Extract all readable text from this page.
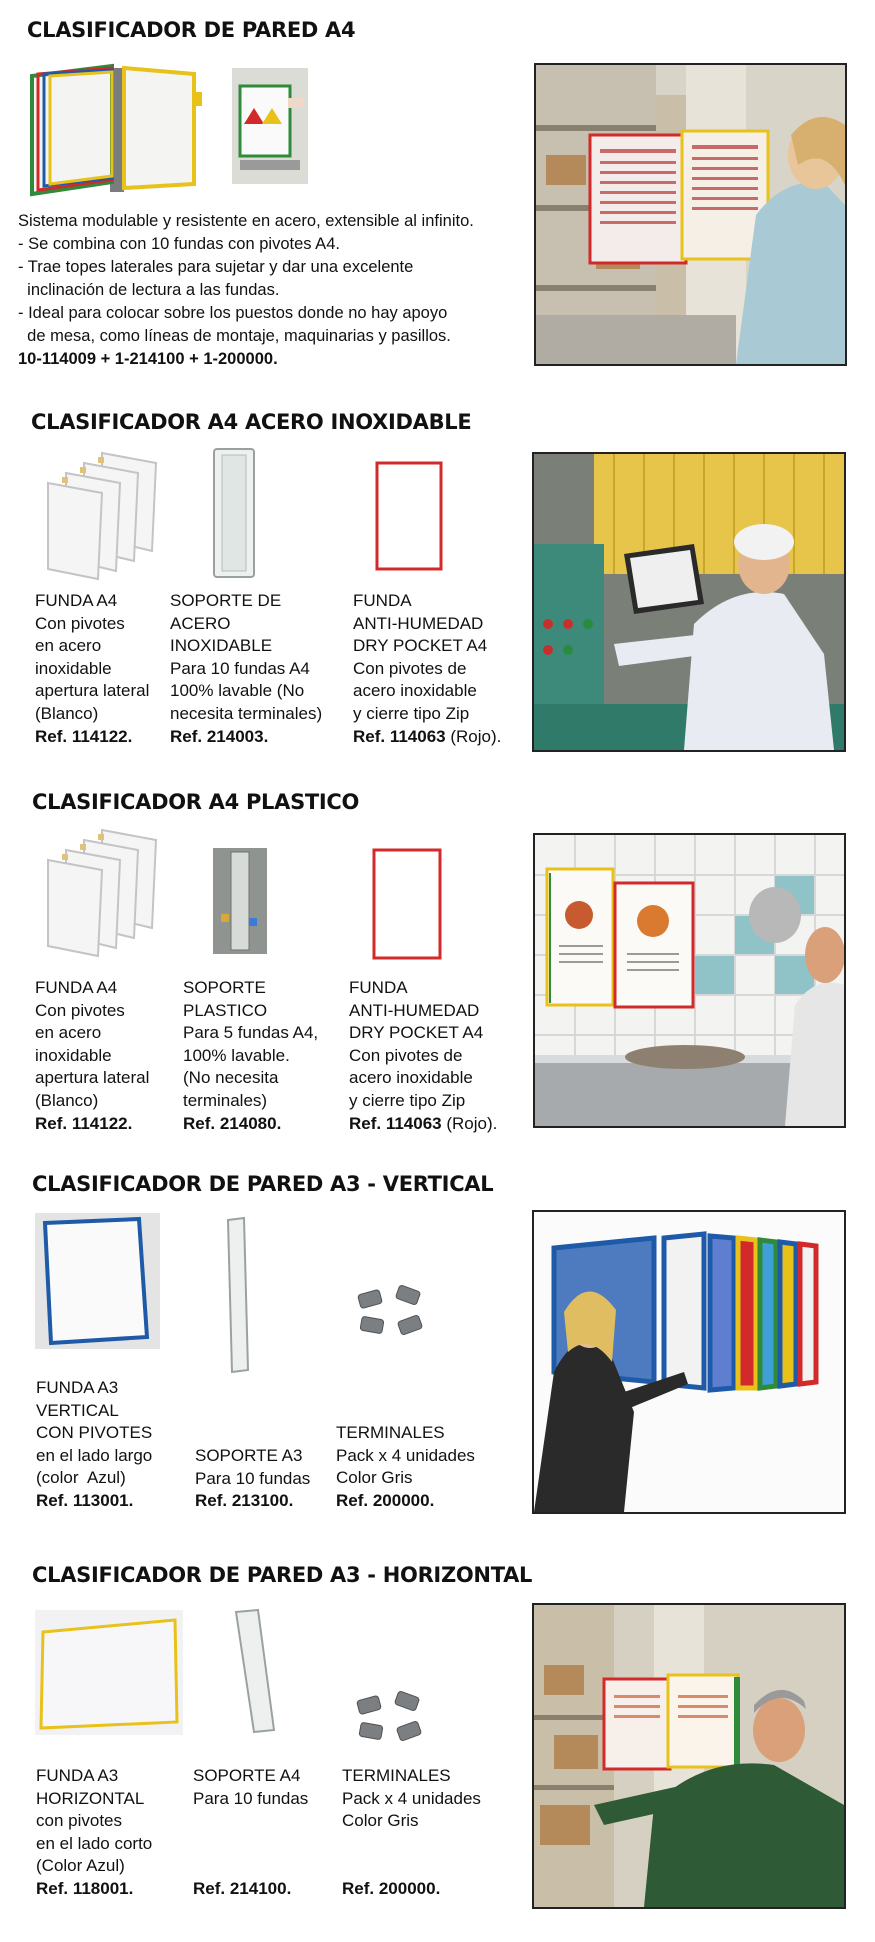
CLASIFICADOR DE PARED A4
Sistema modulable y resistente en acero, extensible al infinito.
- Se combina con 10 fundas con pivotes A4.
- Trae topes laterales para sujetar y dar una excelente
inclinación de lectura a las fundas.
- Ideal para colocar sobre los puestos donde no hay apoyo
de mesa, como líneas de montaje, maquinarias y pasillos.
10-114009 + 1-214100 + 1-200000.
CLASIFICADOR A4 ACERO INOXIDABLE
FUNDA A4
Con pivotes
en acero
inoxidable
apertura lateral
(Blanco)
Ref. 114122.
SOPORTE DE
ACERO
INOXIDABLE
Para 10 fundas A4
100% lavable (No
necesita terminales)
Ref. 214003.
FUNDA
ANTI-HUMEDAD
DRY POCKET A4
Con pivotes de
acero inoxidable
y cierre tipo Zip
Ref. 114063 (Rojo).
CLASIFICADOR A4 PLASTICO
FUNDA A4
Con pivotes
en acero
inoxidable
apertura lateral
(Blanco)
Ref. 114122.
SOPORTE
PLASTICO
Para 5 fundas A4,
100% lavable.
(No necesita
terminales)
Ref. 214080.
FUNDA
ANTI-HUMEDAD
DRY POCKET A4
Con pivotes de
acero inoxidable
y cierre tipo Zip
Ref. 114063 (Rojo).
CLASIFICADOR DE PARED A3 - VERTICAL
FUNDA A3
VERTICAL
CON PIVOTES
en el lado largo
(color  Azul)
Ref. 113001.
SOPORTE A3
Para 10 fundas
Ref. 213100.
TERMINALES
Pack x 4 unidades
Color Gris
Ref. 200000.
CLASIFICADOR DE PARED A3 - HORIZONTAL
FUNDA A3
HORIZONTAL
con pivotes
en el lado corto
(Color Azul)
Ref. 118001.
SOPORTE A4
Para 10 fundas
Ref. 214100.
TERMINALES
Pack x 4 unidades
Color Gris
Ref. 200000.
